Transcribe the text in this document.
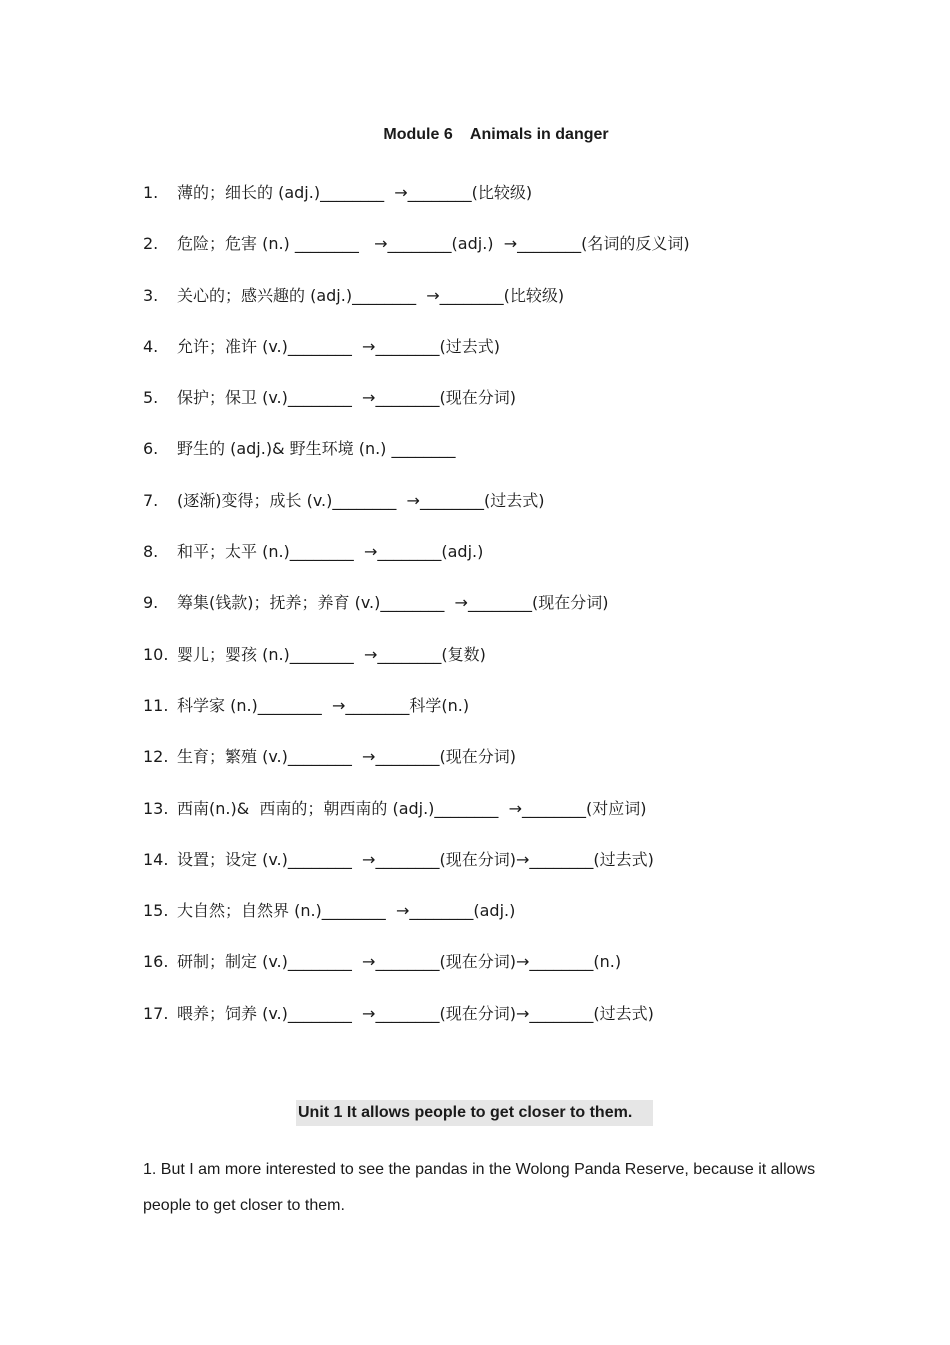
Module 6    Animals in danger
1. 薄的；细长的 (adj.)________  →________(比较级)
2. 危险；危害 (n.) ________   →________(adj.)  →________(名词的反义词)
3. 关心的；感兴趣的 (adj.)________  →________(比较级)
4. 允许；准许 (v.)________  →________(过去式)
5. 保护；保卫 (v.)________  →________(现在分词)
6. 野生的 (adj.)& 野生环境 (n.) ________
7. (逐渐)变得；成长 (v.)________  →________(过去式)
8. 和平；太平 (n.)________  →________(adj.)
9. 筹集(钱款)；抚养；养育 (v.)________  →________(现在分词)
10. 婴儿；婴孩 (n.)________  →________(复数)
11. 科学家 (n.)________  →________科学(n.)
12. 生育；繁殖 (v.)________  →________(现在分词)
13. 西南(n.)&  西南的；朝西南的 (adj.)________  →________(对应词)
14. 设置；设定 (v.)________  →________(现在分词)→________(过去式)
15. 大自然；自然界 (n.)________  →________(adj.)
16. 研制；制定 (v.)________  →________(现在分词)→________(n.)
17. 喂养；饲养 (v.)________  →________(现在分词)→________(过去式)
Unit 1 It allows people to get closer to them.
1. But I am more interested to see the pandas in the Wolong Panda Reserve, because it allows people to get closer to them.
